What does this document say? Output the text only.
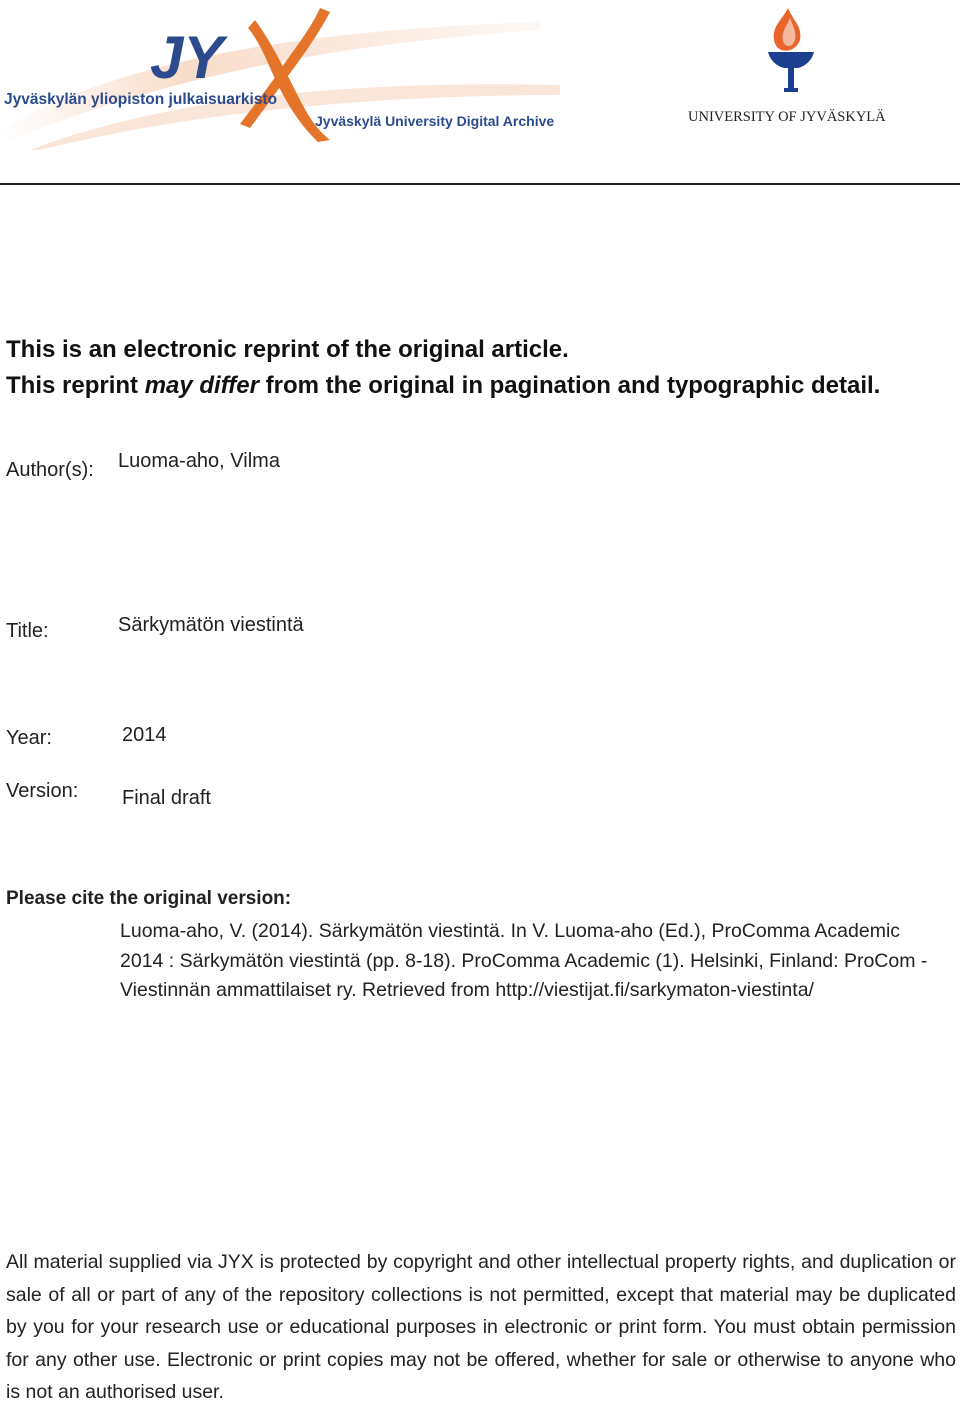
JY
Jyväskylän yliopiston julkaisuarkisto
Jyväskylä University Digital Archive	UNIVERSITY OF JYVÄSKYLÄ
This is an electronic reprint of the original article.
This reprint may differ from the original in pagination and typographic detail.
Author(s): Luoma-aho, Vilma
Title:	Särkymätön viestintä
Year:	2014
Version: Final draft
Please cite the original version:
Luoma-aho, V. (2014). Särkymätön viestintä. In V. Luoma-aho (Ed.), ProComma Academic 2014 : Särkymätön viestintä (pp. 8-18). ProComma Academic (1). Helsinki, Finland: ProCom - Viestinnän ammattilaiset ry. Retrieved from http://viestijat.fi/sarkymaton-viestinta/
All material supplied via JYX is protected by copyright and other intellectual property rights, and duplication or sale of all or part of any of the repository collections is not permitted, except that material may be duplicated by you for your research use or educational purposes in electronic or print form. You must obtain permission for any other use. Electronic or print copies may not be offered, whether for sale or otherwise to anyone who is not an authorised user.
